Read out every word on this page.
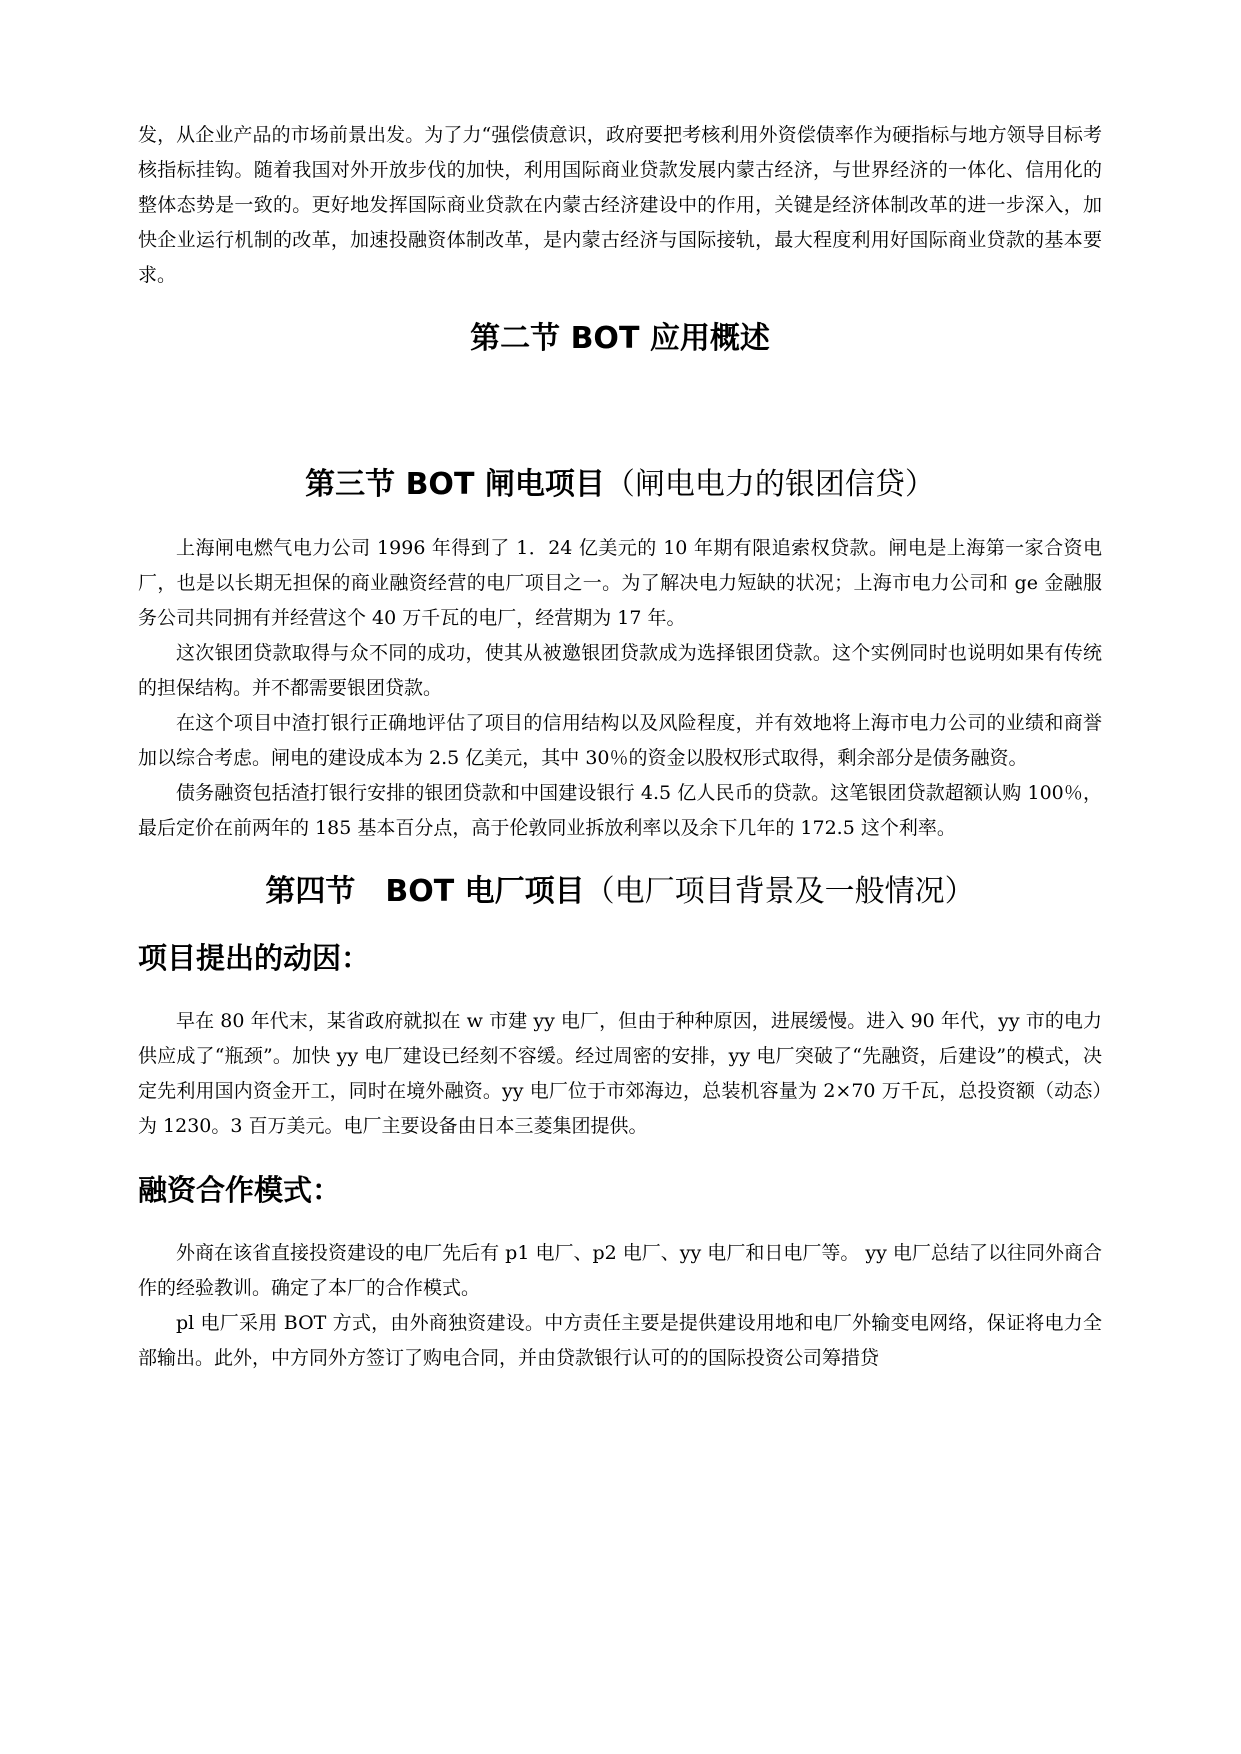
发，从企业产品的市场前景出发。为了力“强偿债意识，政府要把考核利用外资偿债率作为硬指标与地方领导目标考核指标挂钩。随着我国对外开放步伐的加快，利用国际商业贷款发展内蒙古经济，与世界经济的一体化、信用化的整体态势是一致的。更好地发挥国际商业贷款在内蒙古经济建设中的作用，关键是经济体制改革的进一步深入，加快企业运行机制的改革，加速投融资体制改革，是内蒙古经济与国际接轨，最大程度利用好国际商业贷款的基本要求。

第二节 BOT 应用概述
第三节 BOT 闸电项目（闸电电力的银团信贷）

上海闸电燃气电力公司 1996 年得到了 1．24 亿美元的 10 年期有限追索权贷款。闸电是上海第一家合资电厂，也是以长期无担保的商业融资经营的电厂项目之一。为了解决电力短缺的状况；上海市电力公司和 ge 金融服务公司共同拥有并经营这个 40 万千瓦的电厂，经营期为 17 年。

这次银团贷款取得与众不同的成功，使其从被邀银团贷款成为选择银团贷款。这个实例同时也说明如果有传统的担保结构。并不都需要银团贷款。

在这个项目中渣打银行正确地评估了项目的信用结构以及风险程度，并有效地将上海市电力公司的业绩和商誉加以综合考虑。闸电的建设成本为 2.5 亿美元，其中 30％的资金以股权形式取得，剩余部分是债务融资。

债务融资包括渣打银行安排的银团贷款和中国建设银行 4.5 亿人民币的贷款。这笔银团贷款超额认购 100％，最后定价在前两年的 185 基本百分点，高于伦敦同业拆放利率以及余下几年的 172.5 这个利率。

第四节　BOT 电厂项目（电厂项目背景及一般情况）
项目提出的动因：

早在 80 年代末，某省政府就拟在 w 市建 yy 电厂，但由于种种原因，进展缓慢。进入 90 年代，yy 市的电力供应成了“瓶颈”。加快 yy 电厂建设已经刻不容缓。经过周密的安排，yy 电厂突破了“先融资，后建设”的模式，决定先利用国内资金开工，同时在境外融资。yy 电厂位于市郊海边，总装机容量为 2×70 万千瓦，总投资额（动态）为 1230。3 百万美元。电厂主要设备由日本三菱集团提供。

融资合作模式：

外商在该省直接投资建设的电厂先后有 p1 电厂、p2 电厂、yy 电厂和日电厂等。 yy 电厂总结了以往同外商合作的经验教训。确定了本厂的合作模式。

pl 电厂采用 BOT 方式，由外商独资建设。中方责任主要是提供建设用地和电厂外输变电网络，保证将电力全部输出。此外，中方同外方签订了购电合同，并由贷款银行认可的的国际投资公司筹措贷
